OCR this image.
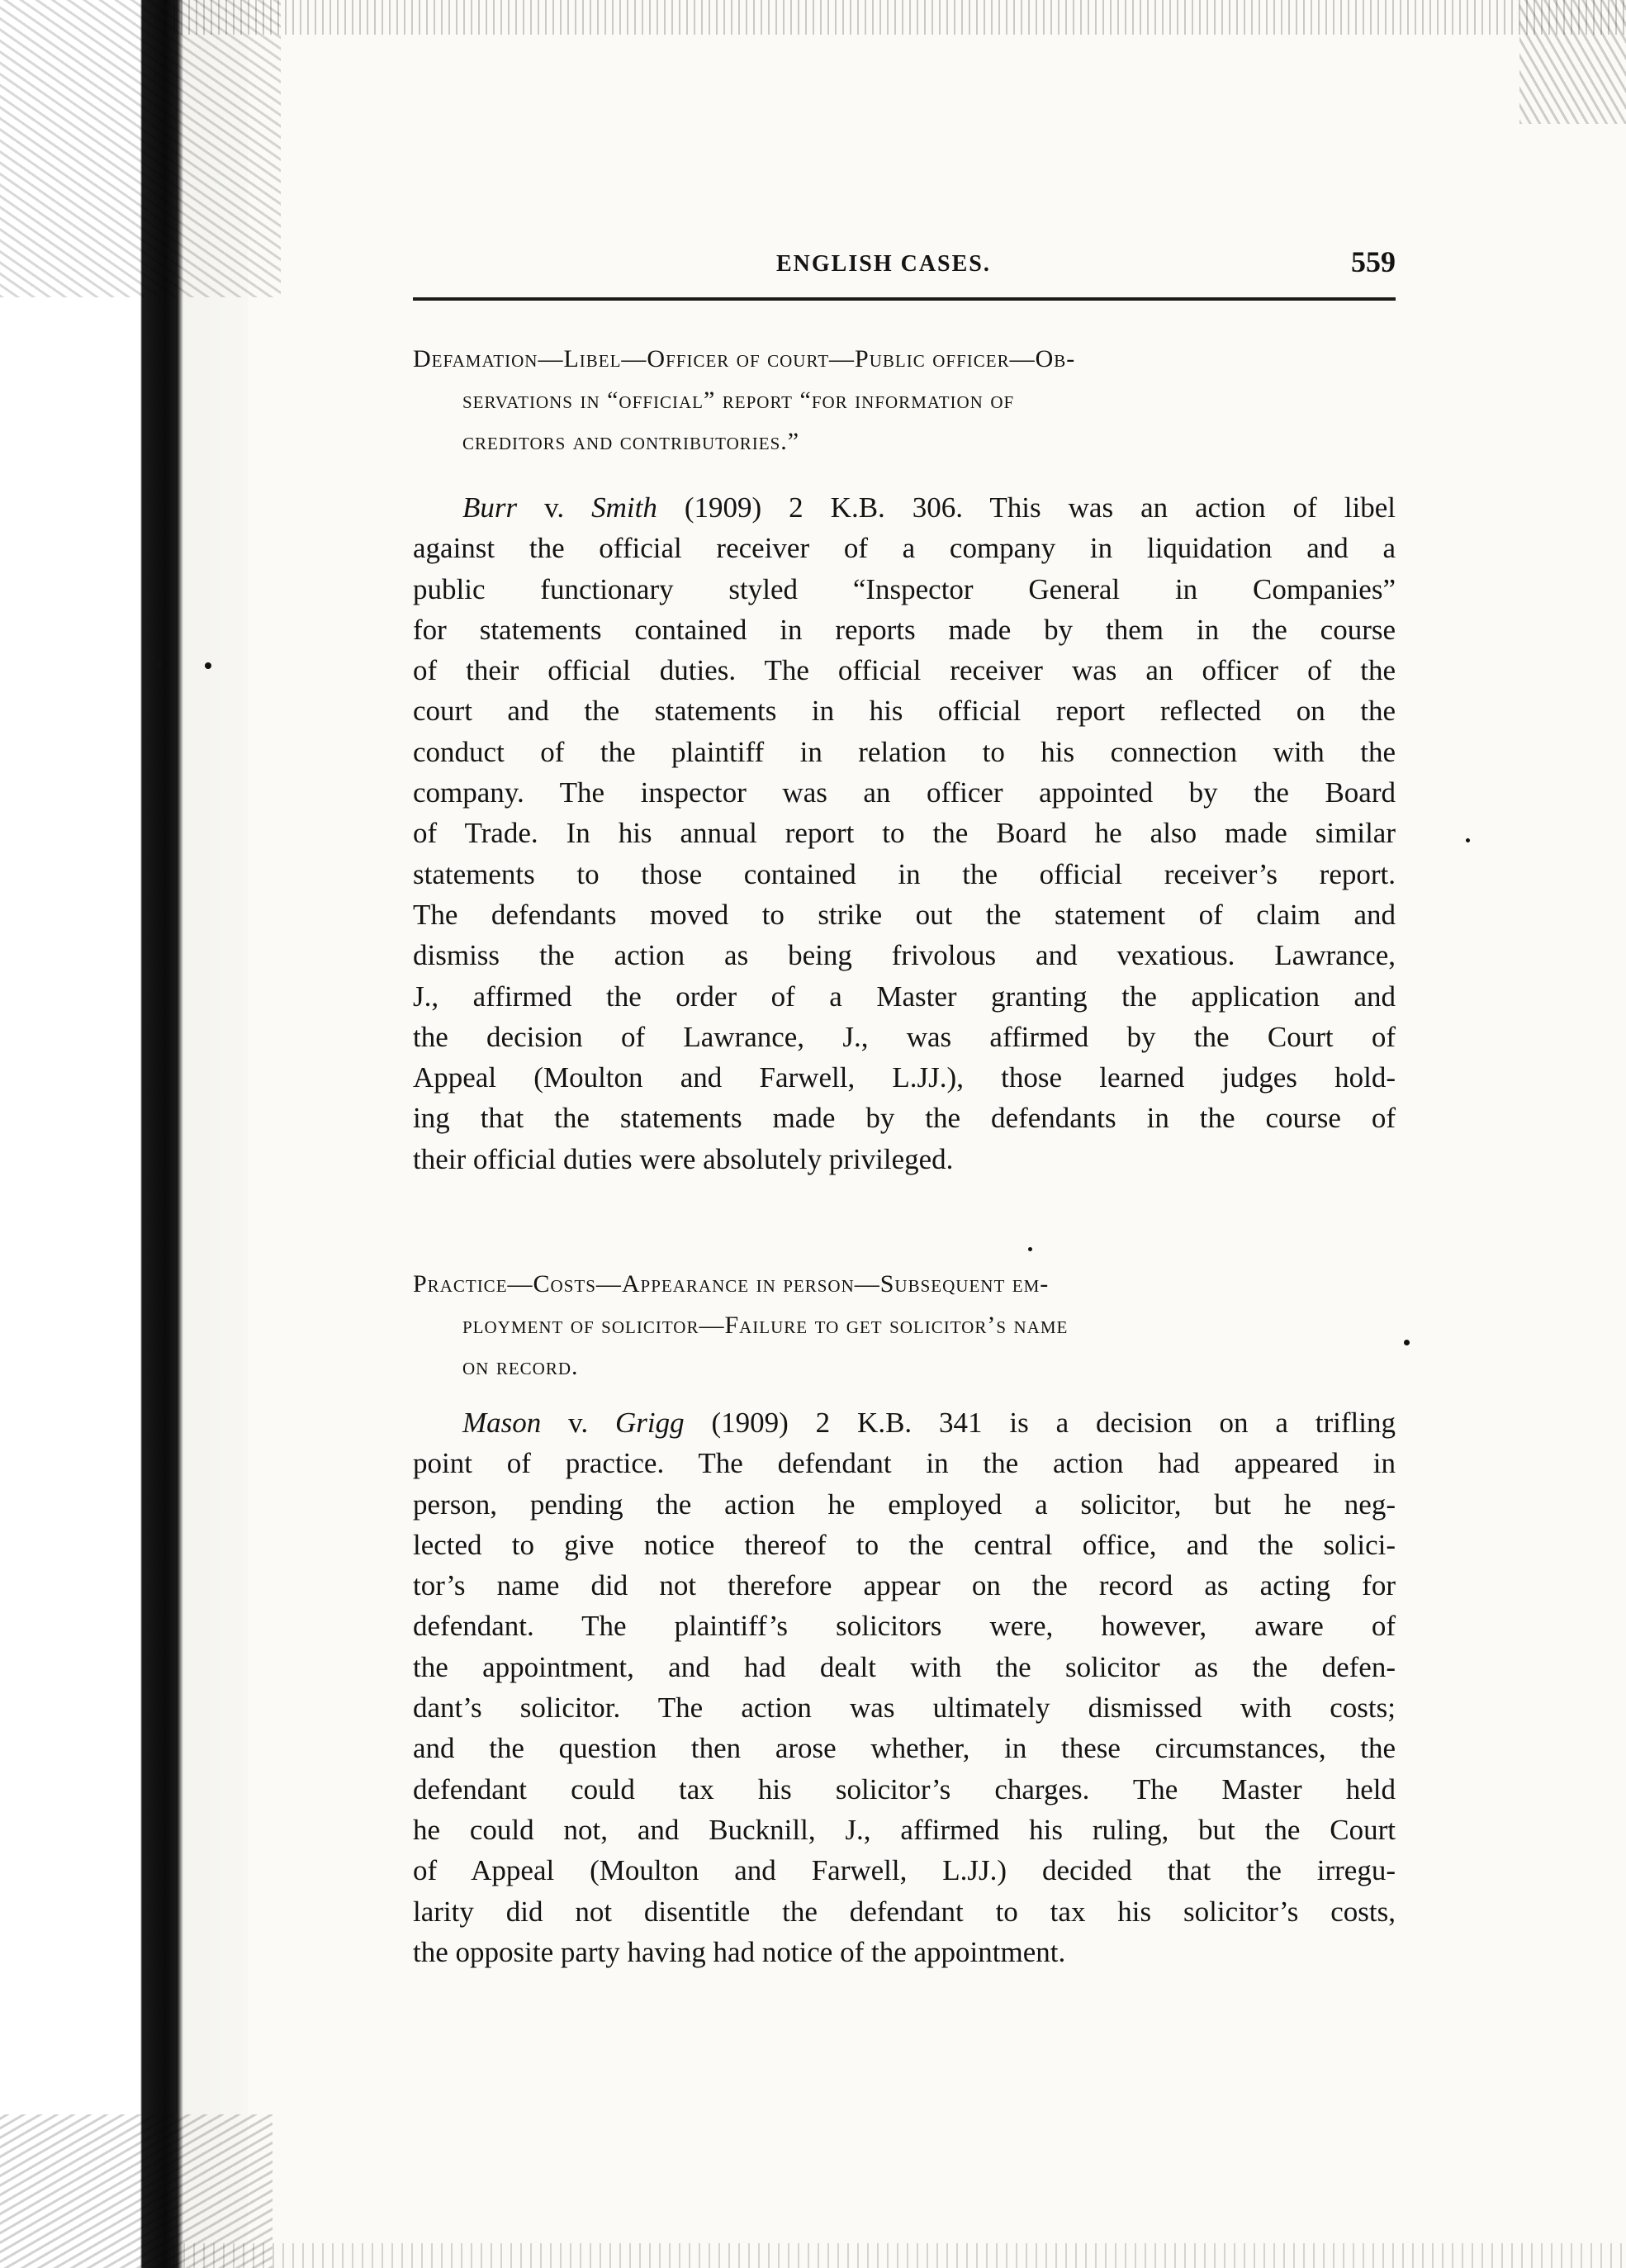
ENGLISH CASES.	559
Defamation—Libel—Officer of court—Public officer—Ob-
servations in “official” report “for information of
creditors and contributories.”
Burr v. Smith (1909) 2 K.B. 306. This was an action of libel
against the official receiver of a company in liquidation and a
public functionary styled “Inspector General in Companies”
for statements contained in reports made by them in the course
of their official duties. The official receiver was an officer of the
court and the statements in his official report reflected on the
conduct of the plaintiff in relation to his connection with the
company. The inspector was an officer appointed by the Board
of Trade. In his annual report to the Board he also made similar
statements to those contained in the official receiver’s report.
The defendants moved to strike out the statement of claim and
dismiss the action as being frivolous and vexatious. Lawrance,
J., affirmed the order of a Master granting the application and
the decision of Lawrance, J., was affirmed by the Court of
Appeal (Moulton and Farwell, L.JJ.), those learned judges hold-
ing that the statements made by the defendants in the course of
their official duties were absolutely privileged.
Practice—Costs—Appearance in person—Subsequent em-
ployment of solicitor—Failure to get solicitor’s name
on record.
Mason v. Grigg (1909) 2 K.B. 341 is a decision on a trifling
point of practice. The defendant in the action had appeared in
person, pending the action he employed a solicitor, but he neg-
lected to give notice thereof to the central office, and the solici-
tor’s name did not therefore appear on the record as acting for
defendant. The plaintiff’s solicitors were, however, aware of
the appointment, and had dealt with the solicitor as the defen-
dant’s solicitor. The action was ultimately dismissed with costs;
and the question then arose whether, in these circumstances, the
defendant could tax his solicitor’s charges. The Master held
he could not, and Bucknill, J., affirmed his ruling, but the Court
of Appeal (Moulton and Farwell, L.JJ.) decided that the irregu-
larity did not disentitle the defendant to tax his solicitor’s costs,
the opposite party having had notice of the appointment.
